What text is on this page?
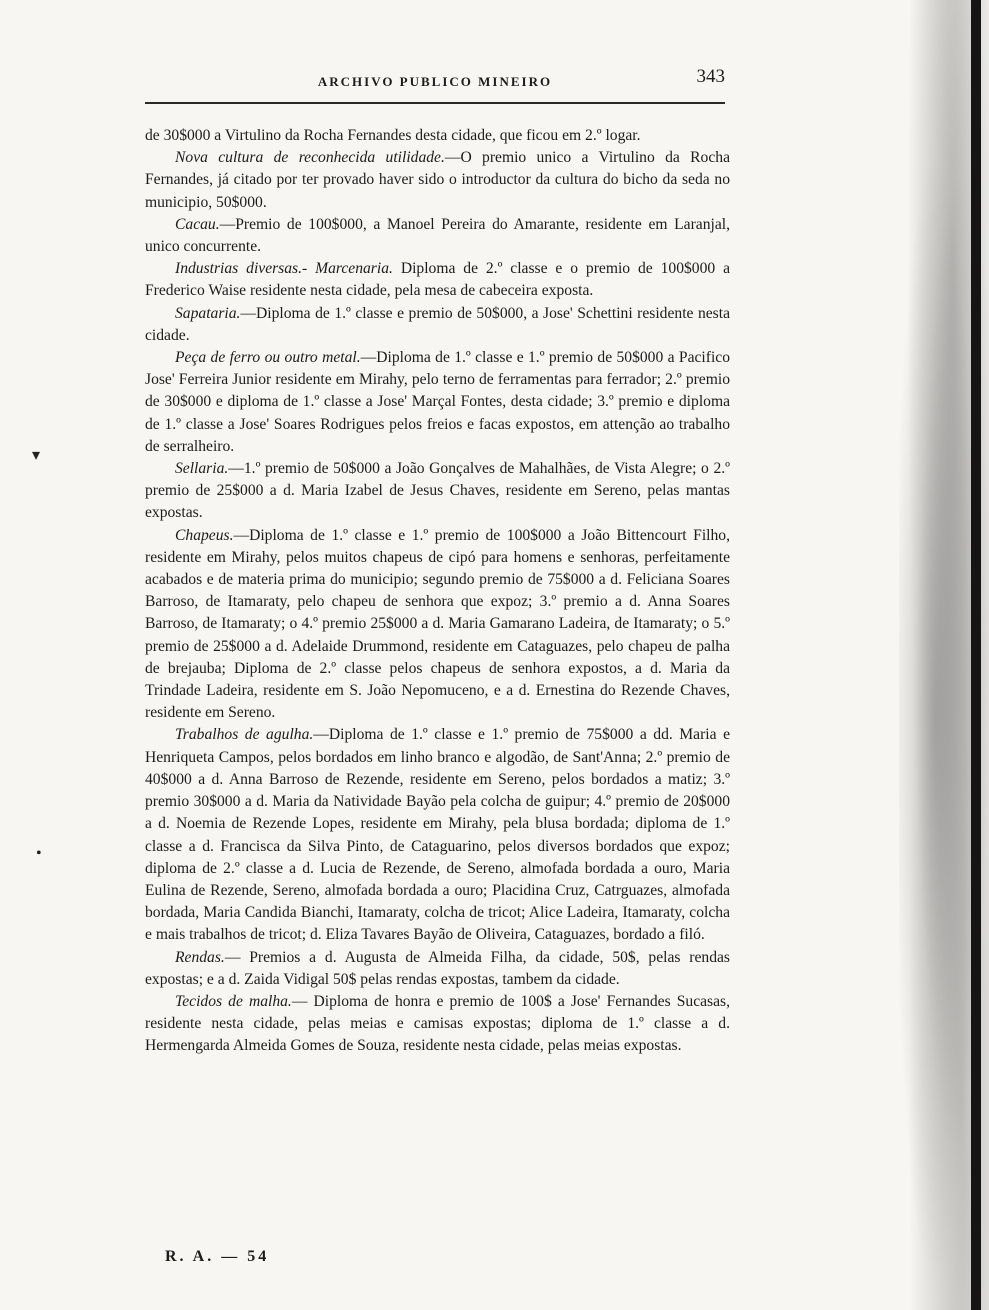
ARCHIVO PUBLICO MINEIRO	343
▾
•

de 30$000 a Virtulino da Rocha Fernandes desta cidade, que ficou em 2.º logar.

Nova cultura de reconhecida utilidade.—O premio unico a Virtulino da Rocha Fernandes, já citado por ter provado haver sido o introductor da cultura do bicho da seda no municipio, 50$000.

Cacau.—Premio de 100$000, a Manoel Pereira do Amarante, residente em Laranjal, unico concurrente.

Industrias diversas.- Marcenaria. Diploma de 2.º classe e o premio de 100$000 a Frederico Waise residente nesta cidade, pela mesa de cabeceira exposta.

Sapataria.—Diploma de 1.º classe e premio de 50$000, a Jose' Schettini residente nesta cidade.

Peça de ferro ou outro metal.—Diploma de 1.º classe e 1.º premio de 50$000 a Pacifico Jose' Ferreira Junior residente em Mirahy, pelo terno de ferramentas para ferrador; 2.º premio de 30$000 e diploma de 1.º classe a Jose' Marçal Fontes, desta cidade; 3.º premio e diploma de 1.º classe a Jose' Soares Rodrigues pelos freios e facas expostos, em attenção ao trabalho de serralheiro.

Sellaria.—1.º premio de 50$000 a João Gonçalves de Mahalhães, de Vista Alegre; o 2.º premio de 25$000 a d. Maria Izabel de Jesus Chaves, residente em Sereno, pelas mantas expostas.

Chapeus.—Diploma de 1.º classe e 1.º premio de 100$000 a João Bittencourt Filho, residente em Mirahy, pelos muitos chapeus de cipó para homens e senhoras, perfeitamente acabados e de materia prima do municipio; segundo premio de 75$000 a d. Feliciana Soares Barroso, de Itamaraty, pelo chapeu de senhora que expoz; 3.º premio a d. Anna Soares Barroso, de Itamaraty; o 4.º premio 25$000 a d. Maria Gamarano Ladeira, de Itamaraty; o 5.º premio de 25$000 a d. Adelaide Drummond, residente em Cataguazes, pelo chapeu de palha de brejauba; Diploma de 2.º classe pelos chapeus de senhora expostos, a d. Maria da Trindade Ladeira, residente em S. João Nepomuceno, e a d. Ernestina do Rezende Chaves, residente em Sereno.

Trabalhos de agulha.—Diploma de 1.º classe e 1.º premio de 75$000 a dd. Maria e Henriqueta Campos, pelos bordados em linho branco e algodão, de Sant'Anna; 2.º premio de 40$000 a d. Anna Barroso de Rezende, residente em Sereno, pelos bordados a matiz; 3.º premio 30$000 a d. Maria da Natividade Bayão pela colcha de guipur; 4.º premio de 20$000 a d. Noemia de Rezende Lopes, residente em Mirahy, pela blusa bordada; diploma de 1.º classe a d. Francisca da Silva Pinto, de Cataguarino, pelos diversos bordados que expoz; diploma de 2.º classe a d. Lucia de Rezende, de Sereno, almofada bordada a ouro, Maria Eulina de Rezende, Sereno, almofada bordada a ouro; Placidina Cruz, Catrguazes, almofada bordada, Maria Candida Bianchi, Itamaraty, colcha de tricot; Alice Ladeira, Itamaraty, colcha e mais trabalhos de tricot; d. Eliza Tavares Bayão de Oliveira, Cataguazes, bordado a filó.

Rendas.— Premios a d. Augusta de Almeida Filha, da cidade, 50$, pelas rendas expostas; e a d. Zaida Vidigal 50$ pelas rendas expostas, tambem da cidade.

Tecidos de malha.— Diploma de honra e premio de 100$ a Jose' Fernandes Sucasas, residente nesta cidade, pelas meias e camisas expostas; diploma de 1.º classe a d. Hermengarda Almeida Gomes de Souza, residente nesta cidade, pelas meias expostas.

R. A. — 54
